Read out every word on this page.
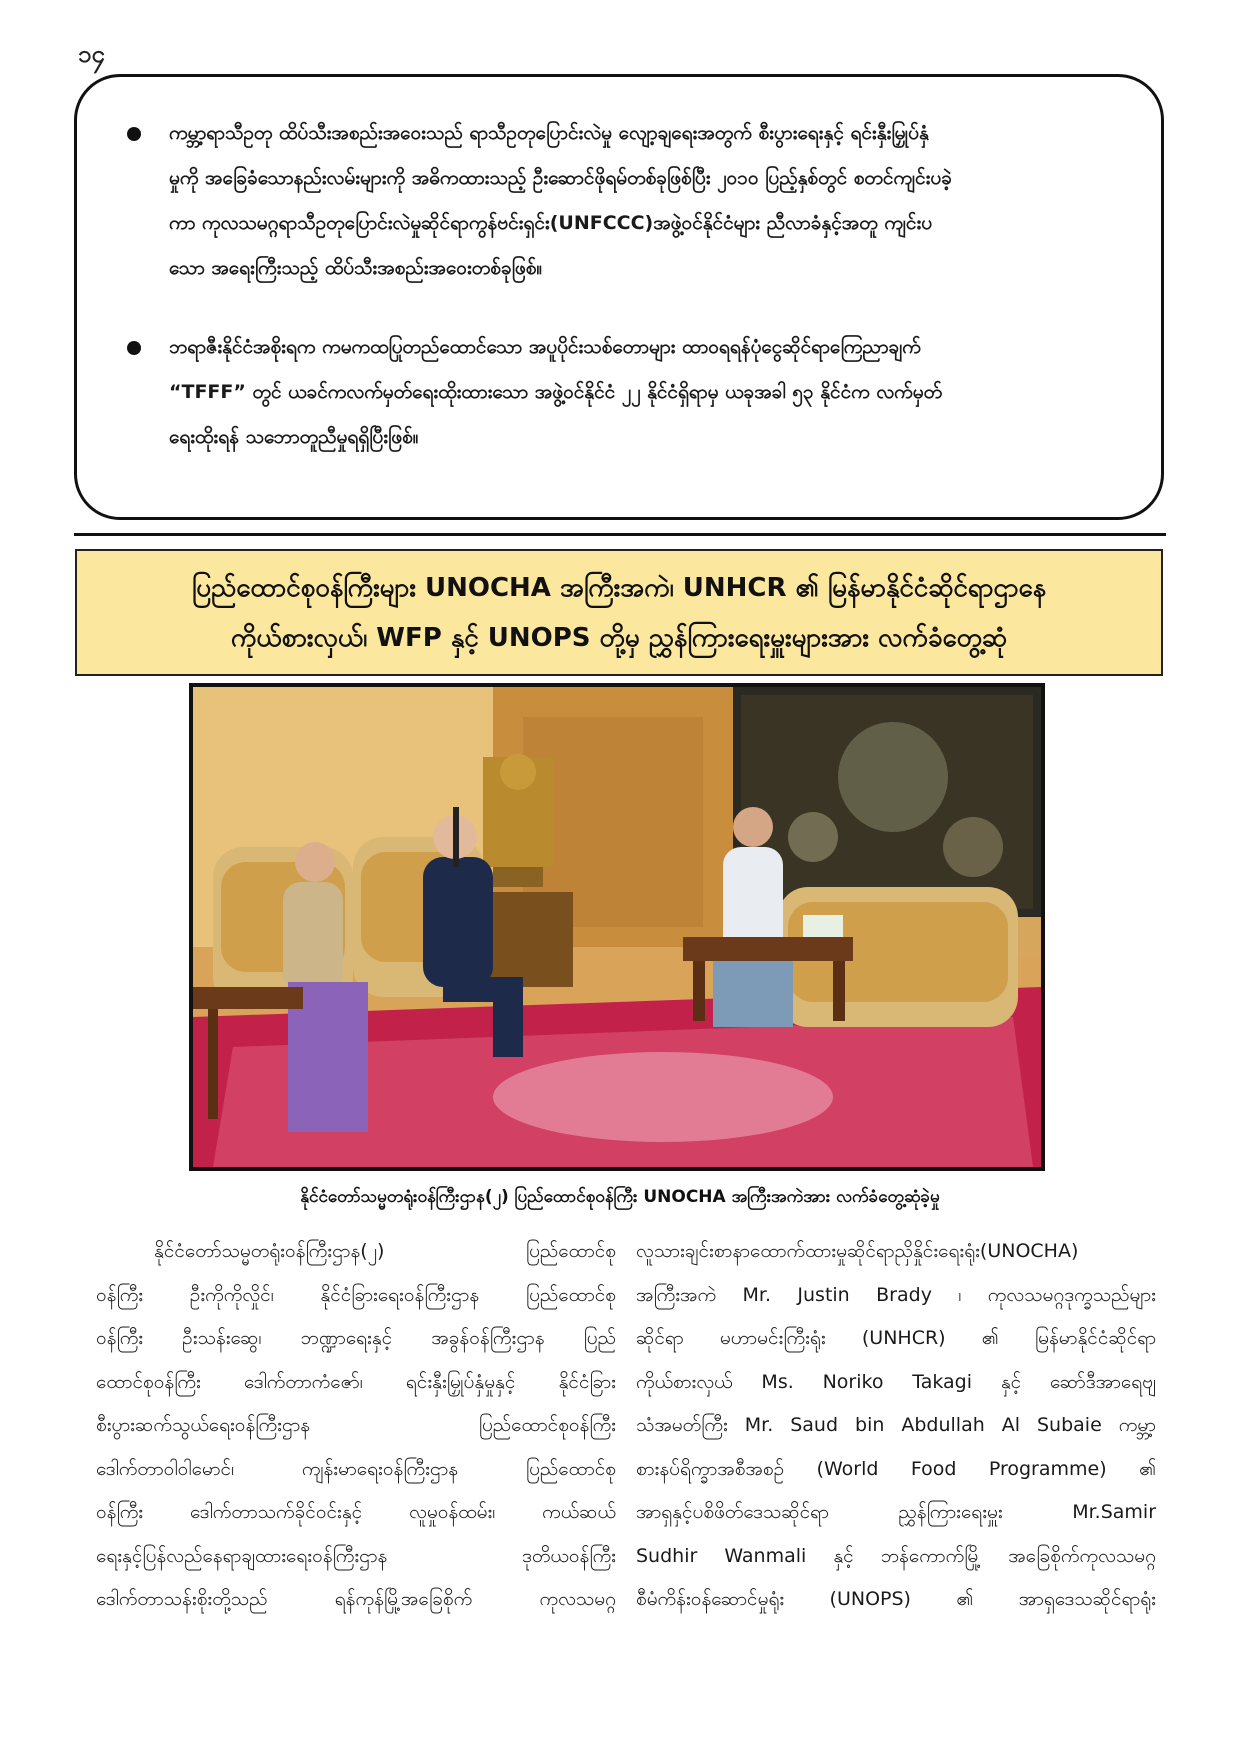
၁၄
ကမ္ဘာ့ရာသီဥတု ထိပ်သီးအစည်းအဝေးသည် ရာသီဥတုပြောင်းလဲမှု လျော့ချရေးအတွက် စီးပွားရေးနှင့် ရင်းနှီးမြှုပ်နှံ
မှုကို အခြေခံသောနည်းလမ်းများကို အဓိကထားသည့် ဦးဆောင်ဖိုရမ်တစ်ခုဖြစ်ပြီး ၂၀၁၀ ပြည့်နှစ်တွင် စတင်ကျင်းပခဲ့
ကာ ကုလသမဂ္ဂရာသီဥတုပြောင်းလဲမှုဆိုင်ရာကွန်ဗင်းရှင်း(UNFCCC)အဖွဲ့ဝင်နိုင်ငံများ ညီလာခံနှင့်အတူ ကျင်းပ
သော အရေးကြီးသည့် ထိပ်သီးအစည်းအဝေးတစ်ခုဖြစ်။
ဘရာဇီးနိုင်ငံအစိုးရက ကမကထပြုတည်ထောင်သော အပူပိုင်းသစ်တောများ ထာဝရရန်ပုံငွေဆိုင်ရာကြေညာချက်
“TFFF” တွင် ယခင်ကလက်မှတ်ရေးထိုးထားသော အဖွဲ့ဝင်နိုင်ငံ ၂၂ နိုင်ငံရှိရာမှ ယခုအခါ ၅၃ နိုင်ငံက လက်မှတ်
ရေးထိုးရန် သဘောတူညီမှုရရှိပြီးဖြစ်။
ပြည်ထောင်စုဝန်ကြီးများ UNOCHA အကြီးအကဲ၊ UNHCR ၏ မြန်မာနိုင်ငံဆိုင်ရာဌာနေ
ကိုယ်စားလှယ်၊ WFP နှင့် UNOPS တို့မှ ညွှန်ကြားရေးမှူးများအား လက်ခံတွေ့ဆုံ
နိုင်ငံတော်သမ္မတရုံးဝန်ကြီးဌာန(၂) ပြည်ထောင်စုဝန်ကြီး UNOCHA အကြီးအကဲအား လက်ခံတွေ့ဆုံခဲ့မှု
နိုင်ငံတော်သမ္မတရုံးဝန်ကြီးဌာန(၂) ပြည်ထောင်စု
ဝန်ကြီး ဦးကိုကိုလှိုင်၊ နိုင်ငံခြားရေးဝန်ကြီးဌာန ပြည်ထောင်စု
ဝန်ကြီး ဦးသန်းဆွေ၊ ဘဏ္ဍာရေးနှင့် အခွန်ဝန်ကြီးဌာန ပြည်
ထောင်စုဝန်ကြီး ဒေါက်တာကံဇော်၊ ရင်းနှီးမြှုပ်နှံမှုနှင့် နိုင်ငံခြား
စီးပွားဆက်သွယ်ရေးဝန်ကြီးဌာန ပြည်ထောင်စုဝန်ကြီး
ဒေါက်တာဝါဝါမောင်၊ ကျန်းမာရေးဝန်ကြီးဌာန ပြည်ထောင်စု
ဝန်ကြီး ဒေါက်တာသက်ခိုင်ဝင်းနှင့် လူမှုဝန်ထမ်း၊ ကယ်ဆယ်
ရေးနှင့်ပြန်လည်နေရာချထားရေးဝန်ကြီးဌာန ဒုတိယဝန်ကြီး
ဒေါက်တာသန်းစိုးတို့သည် ရန်ကုန်မြို့အခြေစိုက် ကုလသမဂ္ဂ
လူသားချင်းစာနာထောက်ထားမှုဆိုင်ရာညှိနှိုင်းရေးရုံး(UNOCHA)
အကြီးအကဲ Mr. Justin Brady ၊ ကုလသမဂ္ဂဒုက္ခသည်များ
ဆိုင်ရာ မဟာမင်းကြီးရုံး (UNHCR) ၏ မြန်မာနိုင်ငံဆိုင်ရာ
ကိုယ်စားလှယ် Ms. Noriko Takagi နှင့် ဆော်ဒီအာရေဗျ
သံအမတ်ကြီး Mr. Saud bin Abdullah Al Subaie ကမ္ဘာ့
စားနပ်ရိက္ခာအစီအစဉ် (World Food Programme) ၏
အာရှနှင့်ပစိဖိတ်ဒေသဆိုင်ရာ ညွှန်ကြားရေးမှူး Mr.Samir
Sudhir Wanmali နှင့် ဘန်ကောက်မြို့ အခြေစိုက်ကုလသမဂ္ဂ
စီမံကိန်းဝန်ဆောင်မှုရုံး (UNOPS) ၏ အာရှဒေသဆိုင်ရာရုံး
